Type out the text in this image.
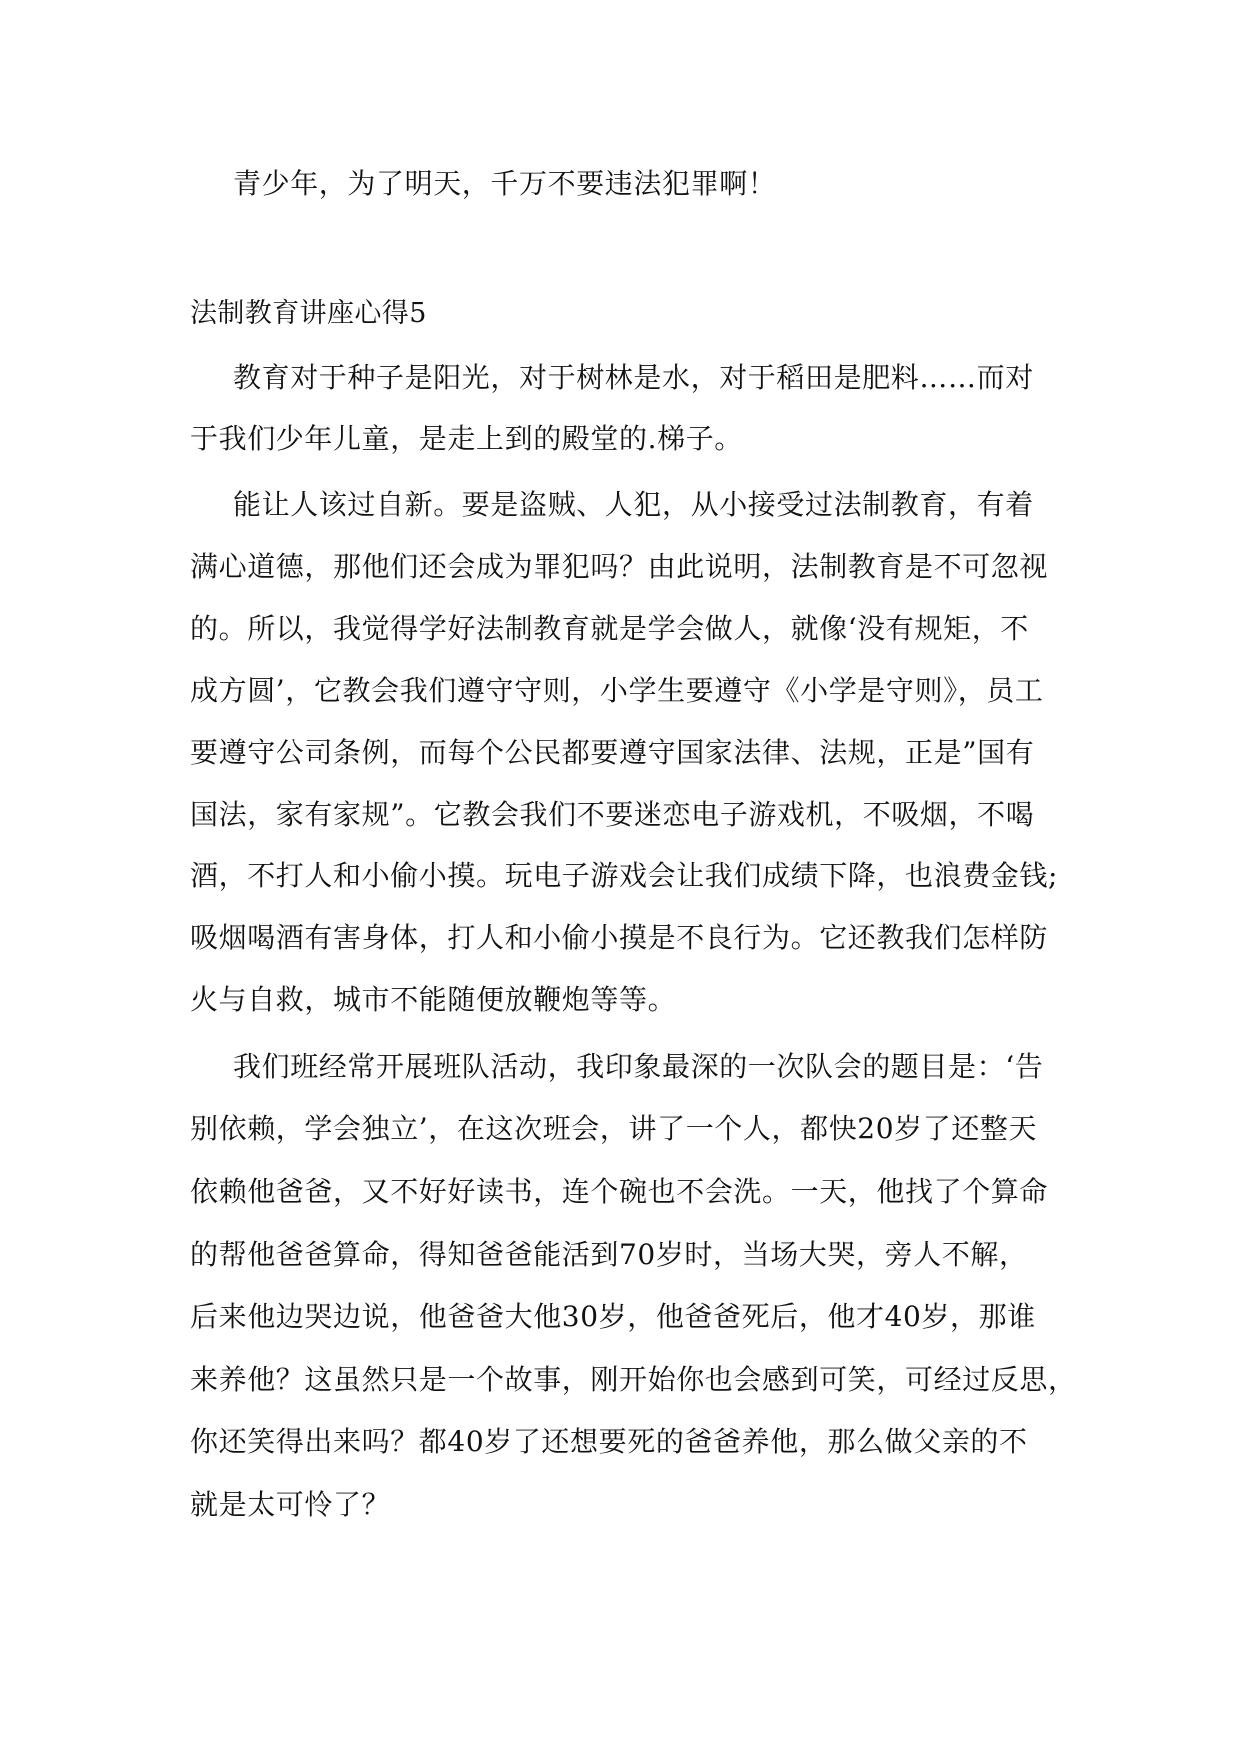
青少年，为了明天，千万不要违法犯罪啊！
法制教育讲座心得5
教育对于种子是阳光，对于树林是水，对于稻田是肥料……而对
于我们少年儿童，是走上到的殿堂的.梯子。
能让人该过自新。要是盗贼、人犯，从小接受过法制教育，有着
满心道德，那他们还会成为罪犯吗？由此说明，法制教育是不可忽视
的。所以，我觉得学好法制教育就是学会做人，就像‘没有规矩，不
成方圆’，它教会我们遵守守则，小学生要遵守《小学是守则》，员工
要遵守公司条例，而每个公民都要遵守国家法律、法规，正是”国有
国法，家有家规”。它教会我们不要迷恋电子游戏机，不吸烟，不喝
酒，不打人和小偷小摸。玩电子游戏会让我们成绩下降，也浪费金钱;
吸烟喝酒有害身体，打人和小偷小摸是不良行为。它还教我们怎样防
火与自救，城市不能随便放鞭炮等等。
我们班经常开展班队活动，我印象最深的一次队会的题目是：‘告
别依赖，学会独立’，在这次班会，讲了一个人，都快20岁了还整天
依赖他爸爸，又不好好读书，连个碗也不会洗。一天，他找了个算命
的帮他爸爸算命，得知爸爸能活到70岁时，当场大哭，旁人不解，
后来他边哭边说，他爸爸大他30岁，他爸爸死后，他才40岁，那谁
来养他？这虽然只是一个故事，刚开始你也会感到可笑，可经过反思，
你还笑得出来吗？都40岁了还想要死的爸爸养他，那么做父亲的不
就是太可怜了？
